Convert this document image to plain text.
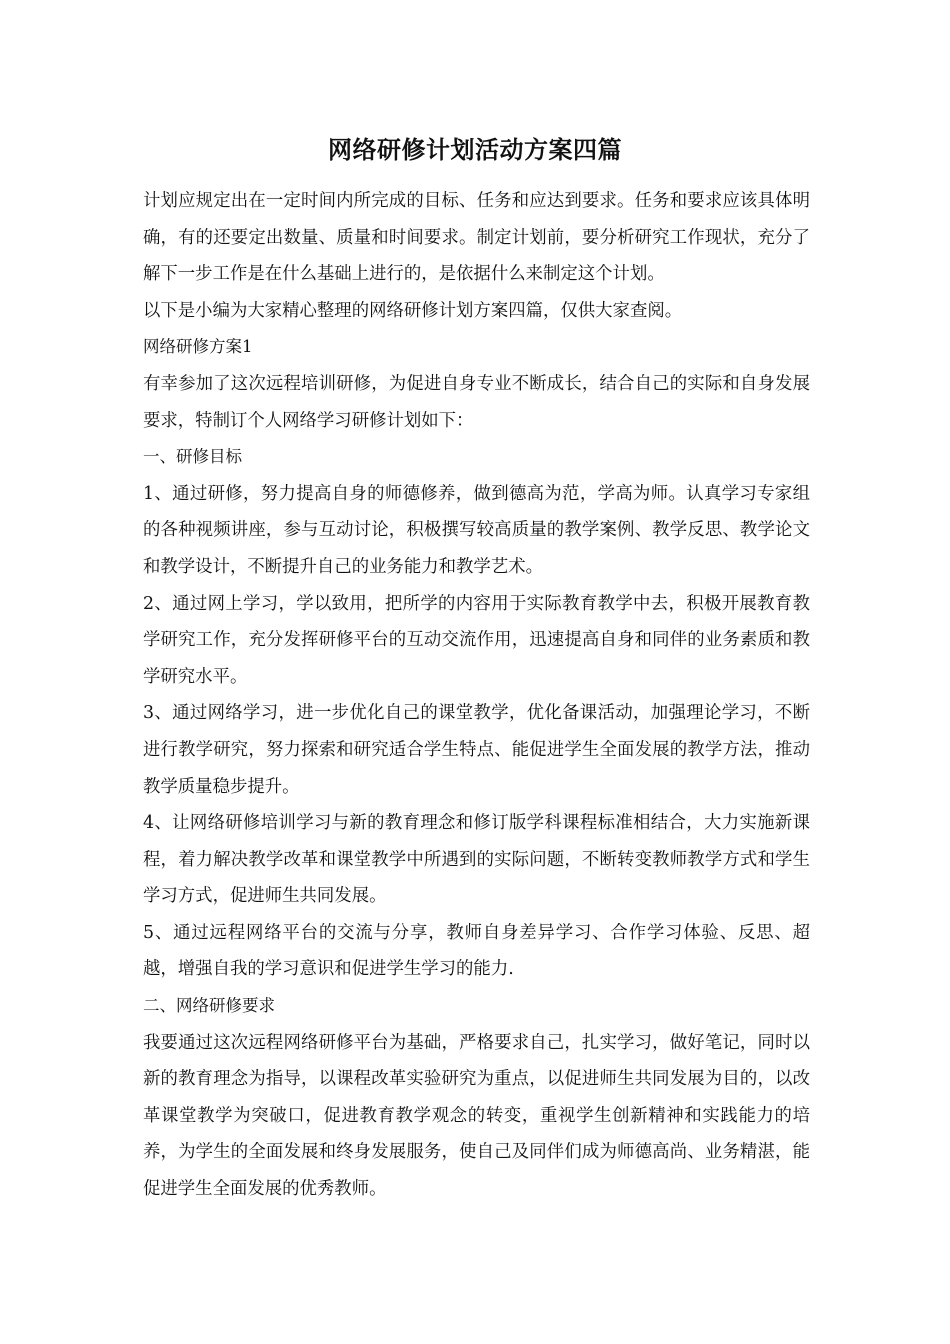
网络研修计划活动方案四篇

计划应规定出在一定时间内所完成的目标、任务和应达到要求。任务和要求应该具体明确，有的还要定出数量、质量和时间要求。制定计划前，要分析研究工作现状，充分了解下一步工作是在什么基础上进行的，是依据什么来制定这个计划。

以下是小编为大家精心整理的网络研修计划方案四篇，仅供大家查阅。

网络研修方案1

有幸参加了这次远程培训研修，为促进自身专业不断成长，结合自己的实际和自身发展要求，特制订个人网络学习研修计划如下：

一、研修目标

1、通过研修，努力提高自身的师德修养，做到德高为范，学高为师。认真学习专家组的各种视频讲座，参与互动讨论，积极撰写较高质量的教学案例、教学反思、教学论文和教学设计，不断提升自己的业务能力和教学艺术。

2、通过网上学习，学以致用，把所学的内容用于实际教育教学中去，积极开展教育教学研究工作，充分发挥研修平台的互动交流作用，迅速提高自身和同伴的业务素质和教学研究水平。

3、通过网络学习，进一步优化自己的课堂教学，优化备课活动，加强理论学习，不断进行教学研究，努力探索和研究适合学生特点、能促进学生全面发展的教学方法，推动教学质量稳步提升。

4、让网络研修培训学习与新的教育理念和修订版学科课程标准相结合，大力实施新课程，着力解决教学改革和课堂教学中所遇到的实际问题，不断转变教师教学方式和学生学习方式，促进师生共同发展。

5、通过远程网络平台的交流与分享，教师自身差异学习、合作学习体验、反思、超越，增强自我的学习意识和促进学生学习的能力.

二、网络研修要求

我要通过这次远程网络研修平台为基础，严格要求自己，扎实学习，做好笔记，同时以新的教育理念为指导，以课程改革实验研究为重点，以促进师生共同发展为目的，以改革课堂教学为突破口，促进教育教学观念的转变，重视学生创新精神和实践能力的培养，为学生的全面发展和终身发展服务，使自己及同伴们成为师德高尚、业务精湛，能促进学生全面发展的优秀教师。
